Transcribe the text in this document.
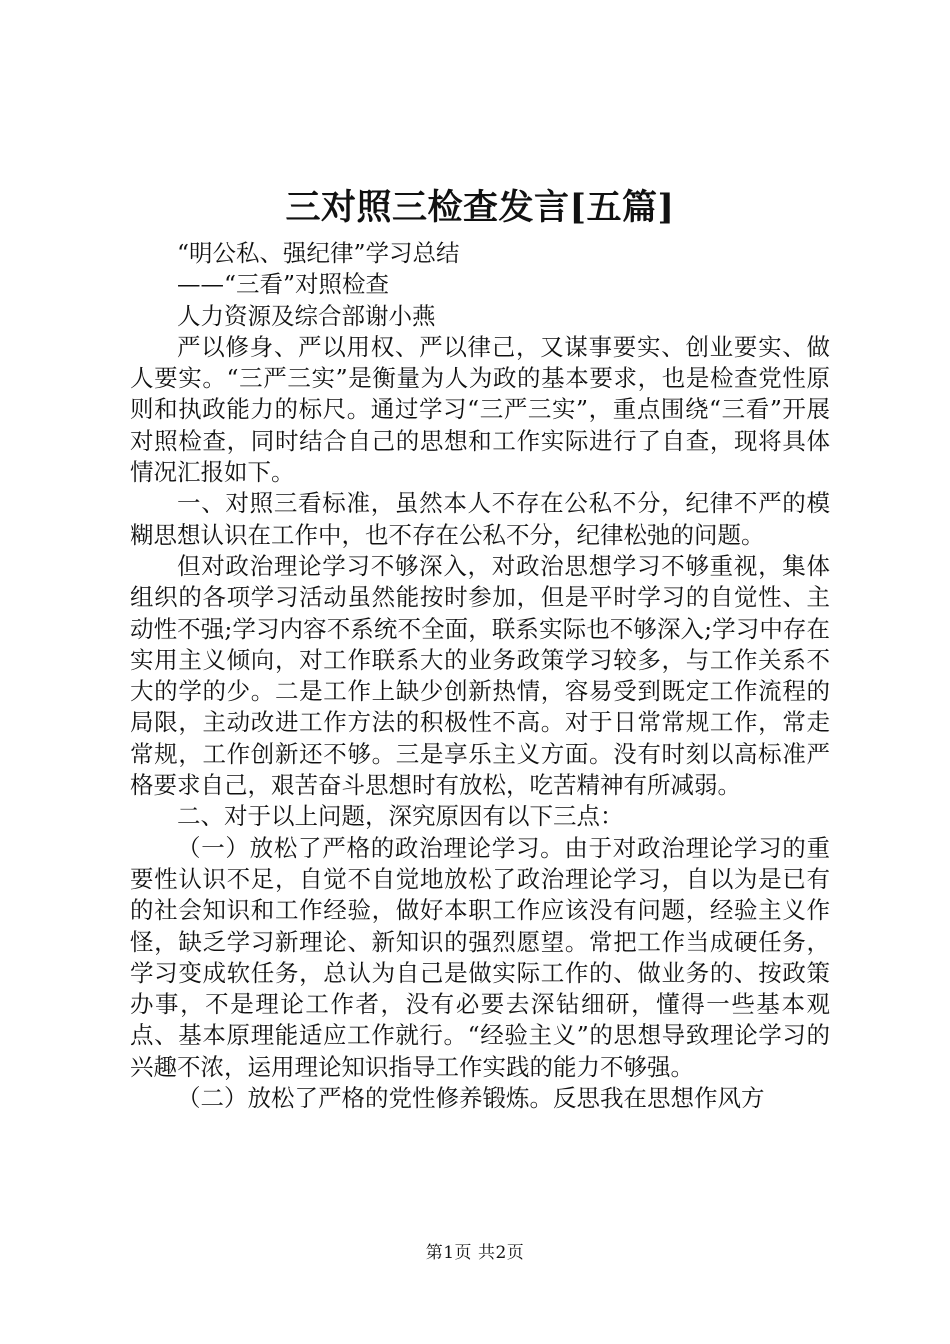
三对照三检查发言[五篇]

“明公私、强纪律”学习总结

——“三看”对照检查

人力资源及综合部谢小燕

严以修身、严以用权、严以律己，又谋事要实、创业要实、做人要实。“三严三实”是衡量为人为政的基本要求，也是检查党性原则和执政能力的标尺。通过学习“三严三实”，重点围绕“三看”开展对照检查，同时结合自己的思想和工作实际进行了自查，现将具体情况汇报如下。

一、对照三看标准，虽然本人不存在公私不分，纪律不严的模糊思想认识在工作中，也不存在公私不分，纪律松弛的问题。

但对政治理论学习不够深入，对政治思想学习不够重视，集体组织的各项学习活动虽然能按时参加，但是平时学习的自觉性、主动性不强;学习内容不系统不全面，联系实际也不够深入;学习中存在实用主义倾向，对工作联系大的业务政策学习较多，与工作关系不大的学的少。二是工作上缺少创新热情，容易受到既定工作流程的局限，主动改进工作方法的积极性不高。对于日常常规工作，常走常规，工作创新还不够。三是享乐主义方面。没有时刻以高标准严格要求自己，艰苦奋斗思想时有放松，吃苦精神有所减弱。

二、对于以上问题，深究原因有以下三点：

（一）放松了严格的政治理论学习。由于对政治理论学习的重要性认识不足，自觉不自觉地放松了政治理论学习，自以为是已有的社会知识和工作经验，做好本职工作应该没有问题，经验主义作怪，缺乏学习新理论、新知识的强烈愿望。常把工作当成硬任务，学习变成软任务，总认为自己是做实际工作的、做业务的、按政策办事，不是理论工作者，没有必要去深钻细研，懂得一些基本观点、基本原理能适应工作就行。“经验主义”的思想导致理论学习的兴趣不浓，运用理论知识指导工作实践的能力不够强。

（二）放松了严格的党性修养锻炼。反思我在思想作风方

第1页 共2页
